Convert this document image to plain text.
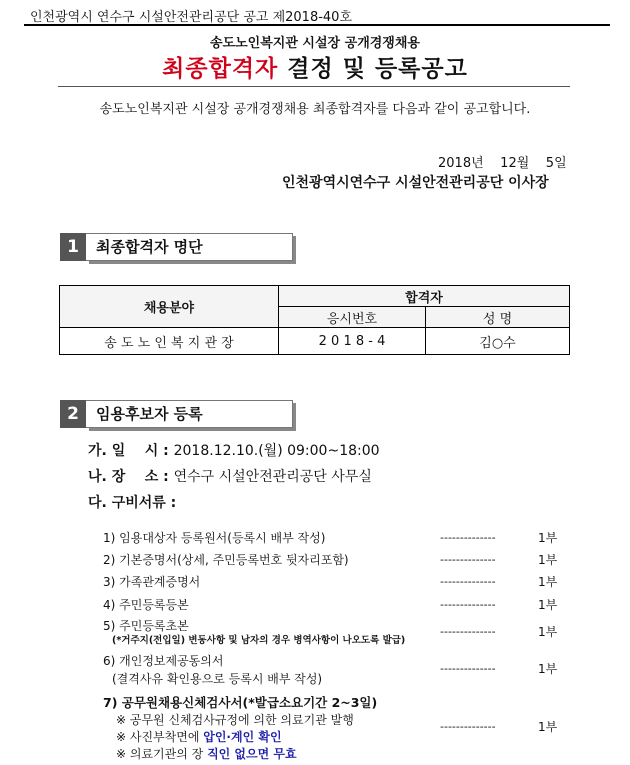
인천광역시 연수구 시설안전관리공단 공고 제2018-40호
송도노인복지관 시설장 공개경쟁채용
최종합격자 결정 및 등록공고
송도노인복지관 시설장 공개경쟁채용 최종합격자를 다음과 같이 공고합니다.
2018년    12월    5일
인천광역시연수구 시설안전관리공단 이사장
1	최종합격자 명단
채용분야	합격자	
	응시번호	성 명
송 도 노 인 복 지 관 장	2 0 1 8 - 4	김○수
2	임용후보자 등록
가. 일    시 : 2018.12.10.(월) 09:00~18:00
나. 장    소 : 연수구 시설안전관리공단 사무실
다. 구비서류 :
1) 임용대상자 등록원서(등록시 배부 작성)	--------------	1부
2) 기본증명서(상세, 주민등록번호 뒷자리포함)	--------------	1부
3) 가족관계증명서	--------------	1부
4) 주민등록등본	--------------	1부
5) 주민등록초본
(*거주지(전입일) 변동사항 및 남자의 경우 병역사항이 나오도록 발급)
--------------	1부
6) 개인정보제공동의서
(결격사유 확인용으로 등록시 배부 작성)
--------------	1부
7) 공무원채용신체검사서(*발급소요기간 2~3일)
※ 공무원 신체검사규정에 의한 의료기관 발행
※ 사진부착면에 압인·계인 확인
※ 의료기관의 장 직인 없으면 무효
--------------	1부
